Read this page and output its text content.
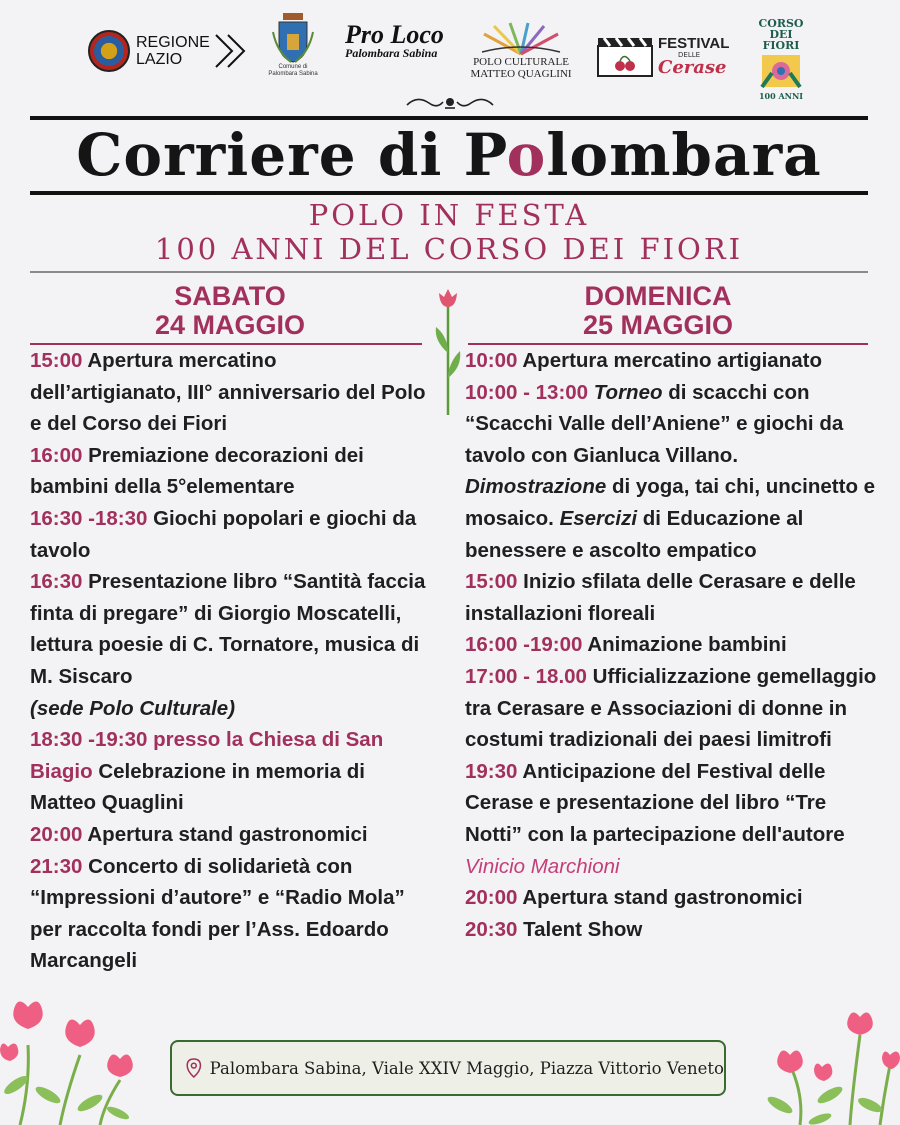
REGIONE
LAZIO	Comune di
Palombara Sabina
Pro Loco
Palombara Sabina
POLO CULTURALE
MATTEO QUAGLINI
FESTIVAL
DELLE
Cerase
CORSO DEI
FIORI
100 ANNI
Corriere di Polombara
POLO IN FESTA
100 ANNI DEL CORSO DEI FIORI
SABATO
24 MAGGIO
DOMENICA
25 MAGGIO

15:00 Apertura mercatino dell’artigianato, III° anniversario del Polo e del Corso dei Fiori

16:00 Premiazione decorazioni dei bambini della 5°elementare

16:30 -18:30 Giochi popolari e giochi da tavolo

16:30 Presentazione libro “Santità faccia finta di pregare” di Giorgio Moscatelli, lettura poesie di C. Tornatore, musica di M. Siscaro
(sede Polo Culturale)

18:30 -19:30 presso la Chiesa di San Biagio Celebrazione in memoria di Matteo Quaglini

20:00 Apertura stand gastronomici

21:30 Concerto di solidarietà con “Impressioni d’autore” e “Radio Mola” per raccolta fondi per l’Ass. Edoardo Marcangeli

10:00 Apertura mercatino artigianato

10:00 - 13:00 Torneo di scacchi con “Scacchi Valle dell’Aniene” e giochi da tavolo con Gianluca Villano. Dimostrazione di yoga, tai chi, uncinetto e mosaico. Esercizi di Educazione al benessere e ascolto empatico

15:00 Inizio sfilata delle Cerasare e delle installazioni floreali

16:00 -19:00 Animazione bambini

17:00 - 18.00 Ufficializzazione gemellaggio tra Cerasare e Associazioni di donne in costumi tradizionali dei paesi limitrofi

19:30 Anticipazione del Festival delle Cerase e presentazione del libro “Tre Notti” con la partecipazione dell'autore Vinicio Marchioni

20:00 Apertura stand gastronomici

20:30 Talent Show

Palombara Sabina, Viale XXIV Maggio, Piazza Vittorio Veneto
